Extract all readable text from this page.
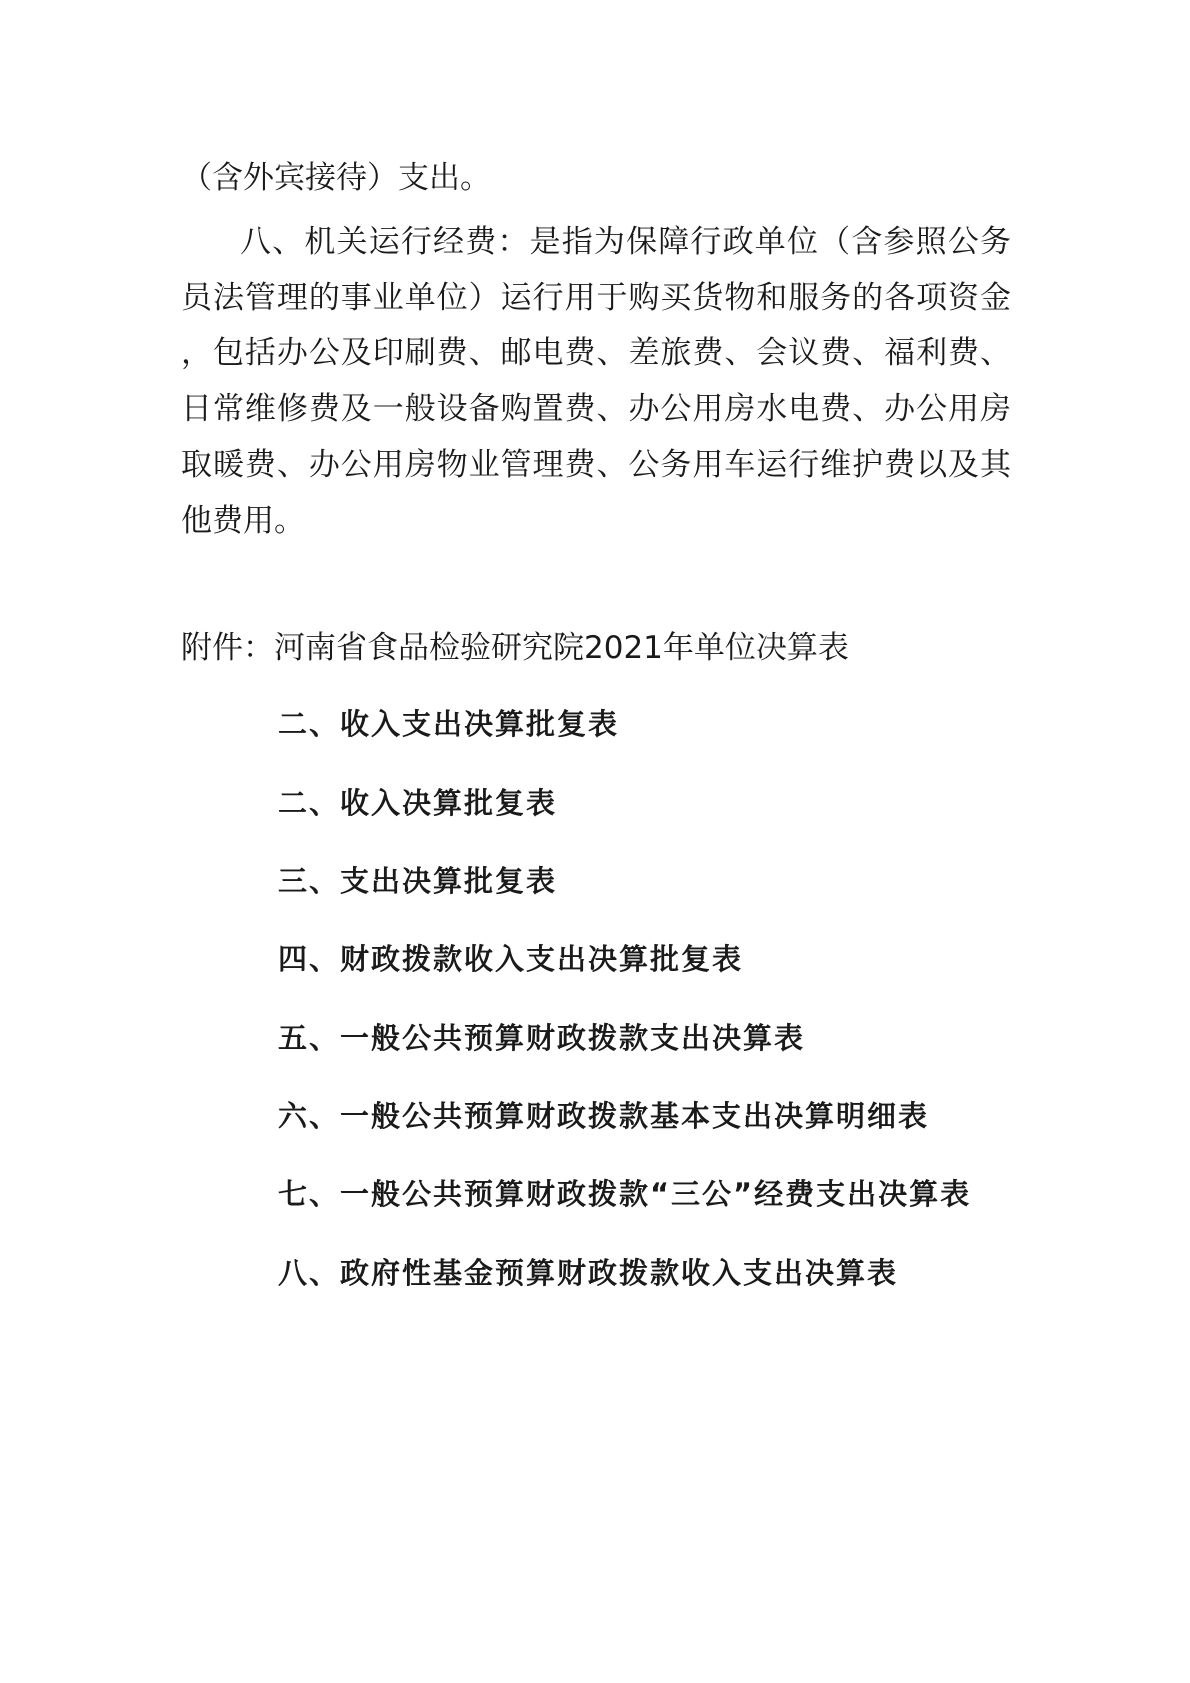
（含外宾接待）支出。
八、机关运行经费：是指为保障行政单位（含参照公务
员法管理的事业单位）运行用于购买货物和服务的各项资金
，包括办公及印刷费、邮电费、差旅费、会议费、福利费、
日常维修费及一般设备购置费、办公用房水电费、办公用房
取暖费、办公用房物业管理费、公务用车运行维护费以及其
他费用。
附件：河南省食品检验研究院2021年单位决算表
二、收入支出决算批复表
二、收入决算批复表
三、支出决算批复表
四、财政拨款收入支出决算批复表
五、一般公共预算财政拨款支出决算表
六、一般公共预算财政拨款基本支出决算明细表
七、一般公共预算财政拨款“三公”经费支出决算表
八、政府性基金预算财政拨款收入支出决算表
